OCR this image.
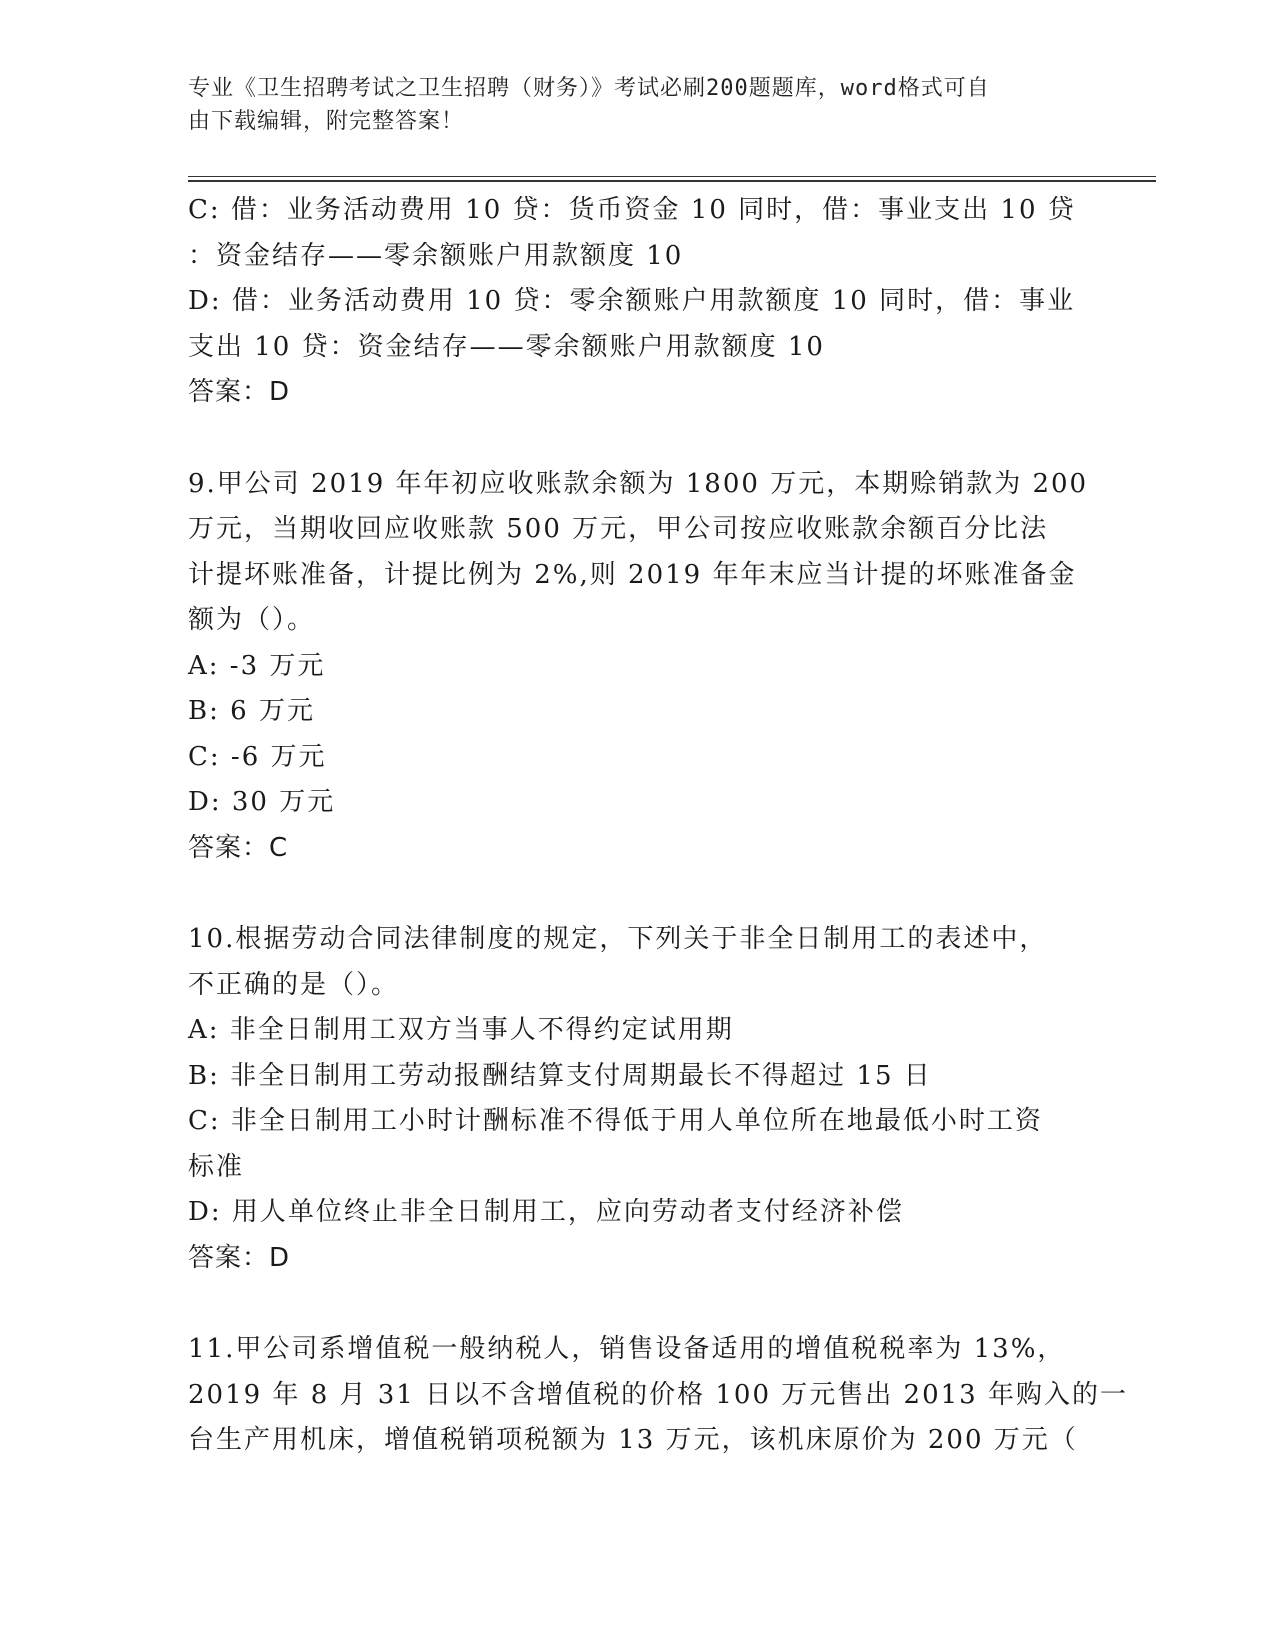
专业《卫生招聘考试之卫生招聘（财务）》考试必刷200题题库，word格式可自
由下载编辑，附完整答案！
C: 借：业务活动费用 10 贷：货币资金 10 同时，借：事业支出 10 贷
：资金结存——零余额账户用款额度 10
D: 借：业务活动费用 10 贷：零余额账户用款额度 10 同时，借：事业
支出 10 贷：资金结存——零余额账户用款额度 10
答案：D
9.甲公司 2019 年年初应收账款余额为 1800 万元，本期赊销款为 200
万元，当期收回应收账款 500 万元，甲公司按应收账款余额百分比法
计提坏账准备，计提比例为 2%,则 2019 年年末应当计提的坏账准备金
额为（）。
A: -3 万元
B: 6 万元
C: -6 万元
D: 30 万元
答案：C
10.根据劳动合同法律制度的规定，下列关于非全日制用工的表述中，
不正确的是（）。
A: 非全日制用工双方当事人不得约定试用期
B: 非全日制用工劳动报酬结算支付周期最长不得超过 15 日
C: 非全日制用工小时计酬标准不得低于用人单位所在地最低小时工资
标准
D: 用人单位终止非全日制用工，应向劳动者支付经济补偿
答案：D
11.甲公司系增值税一般纳税人，销售设备适用的增值税税率为 13%，
2019 年 8 月 31 日以不含增值税的价格 100 万元售出 2013 年购入的一
台生产用机床，增值税销项税额为 13 万元，该机床原价为 200 万元（
